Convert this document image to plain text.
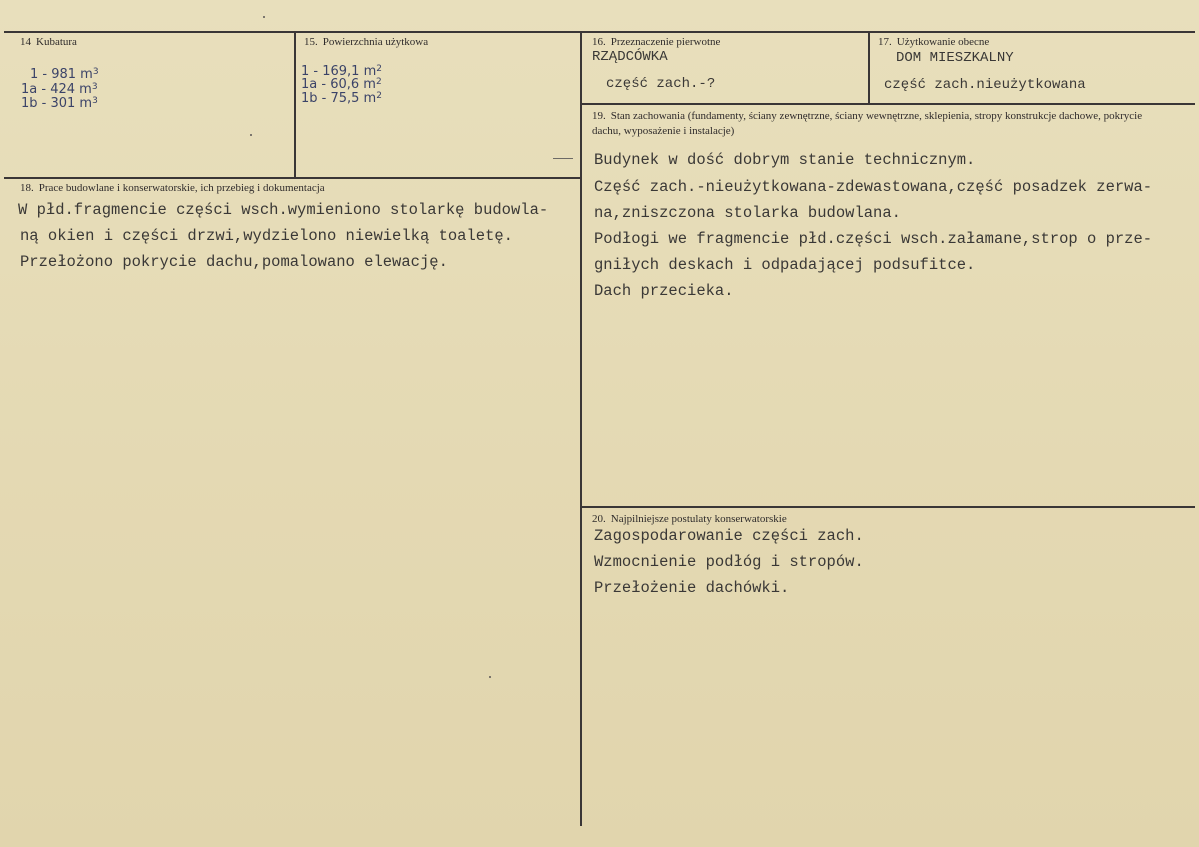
14 Kubatura
1 - 981 $m^3$
1a - 424 $m^3$
1b - 301 $m^3$
15. Powierzchnia użytkowa
1 - 169,1 $m^2$
1a - 60,6 $m^2$
1b - 75,5 $m^2$
16. Przeznaczenie pierwotne
RZĄDCÓWKA
część zach.-?
17. Użytkowanie obecne
DOM MIESZKALNY
część zach.nieużytkowana
18. Prace budowlane i konserwatorskie, ich przebieg i dokumentacja
W płd.fragmencie części wsch.wymieniono stolarkę budowla-
ną okien i części drzwi,wydzielono niewielką toaletę.
Przełożono pokrycie dachu,pomalowano elewację.
19. Stan zachowania (fundamenty, ściany zewnętrzne, ściany wewnętrzne, sklepienia, stropy konstrukcje dachowe, pokrycie dachu, wyposażenie i instalacje)
Budynek w dość dobrym stanie technicznym.
Część zach.-nieużytkowana-zdewastowana,część posadzek zerwa-
na,zniszczona stolarka budowlana.
Podłogi we fragmencie płd.części wsch.załamane,strop o prze-
gniłych deskach i odpadającej podsufitce.
Dach przecieka.
20. Najpilniejsze postulaty konserwatorskie
Zagospodarowanie części zach.
Wzmocnienie podłóg i stropów.
Przełożenie dachówki.
